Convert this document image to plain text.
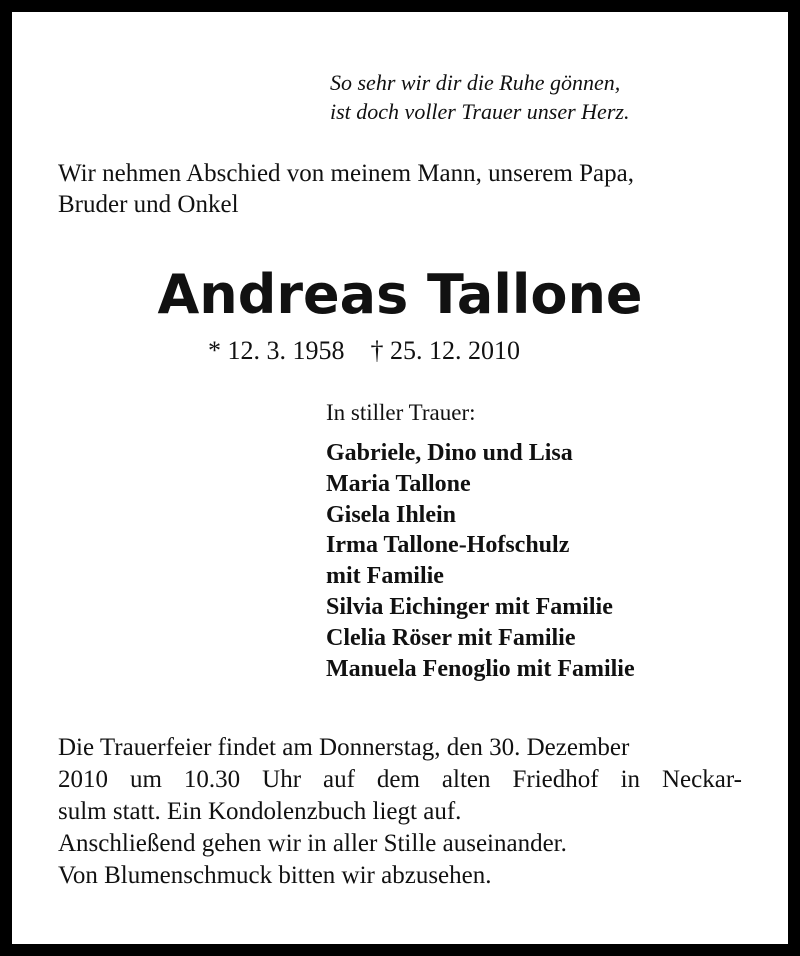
So sehr wir dir die Ruhe gönnen,
ist doch voller Trauer unser Herz.
Wir nehmen Abschied von meinem Mann, unserem Papa,
Bruder und Onkel
Andreas Tallone
* 12. 3. 1958 † 25. 12. 2010
In stiller Trauer:
Gabriele, Dino und Lisa
Maria Tallone
Gisela Ihlein
Irma Tallone-Hofschulz
mit Familie
Silvia Eichinger mit Familie
Clelia Röser mit Familie
Manuela Fenoglio mit Familie
Die Trauerfeier findet am Donnerstag, den 30. Dezember
2010 um 10.30 Uhr auf dem alten Friedhof in Neckar-
sulm statt. Ein Kondolenzbuch liegt auf.
Anschließend gehen wir in aller Stille auseinander.
Von Blumenschmuck bitten wir abzusehen.
